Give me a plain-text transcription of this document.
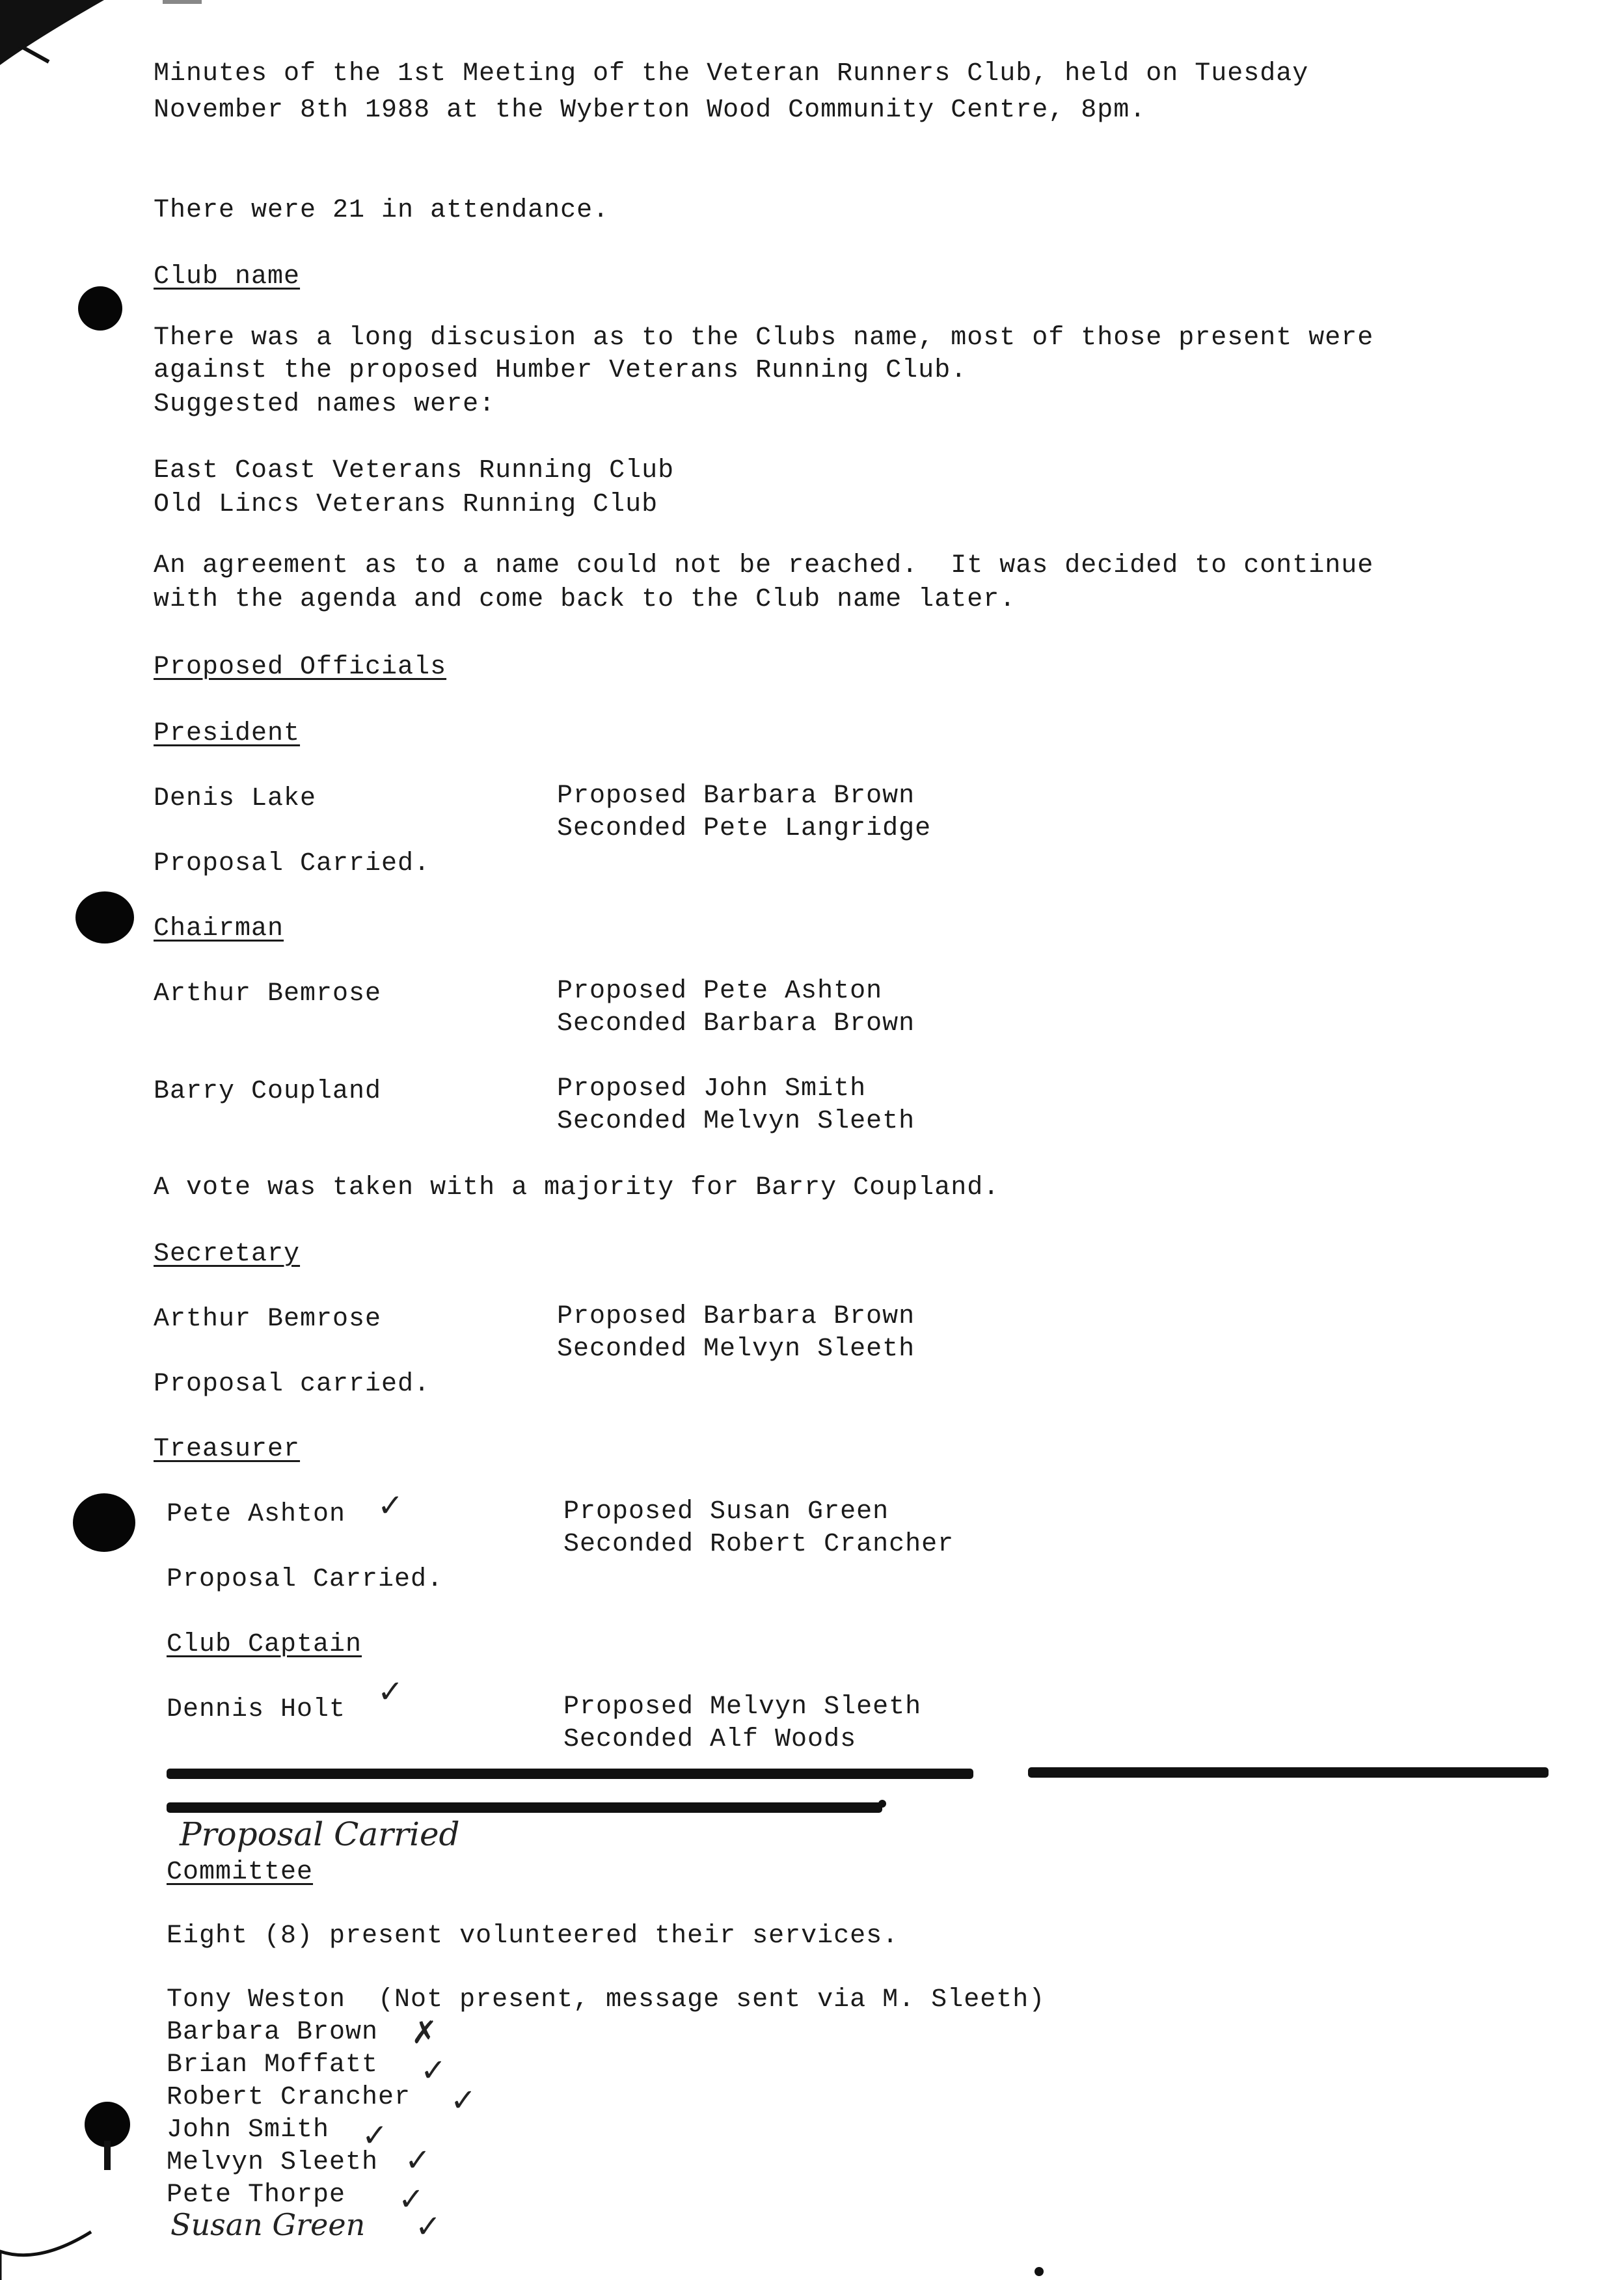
Minutes of the 1st Meeting of the Veteran Runners Club, held on Tuesday
November 8th 1988 at the Wyberton Wood Community Centre, 8pm.
There were 21 in attendance.
Club name
There was a long discusion as to the Clubs name, most of those present were
against the proposed Humber Veterans Running Club.
Suggested names were:
East Coast Veterans Running Club
Old Lincs Veterans Running Club
An agreement as to a name could not be reached.  It was decided to continue
with the agenda and come back to the Club name later.
Proposed Officials
President
Denis Lake	Proposed Barbara Brown
Seconded Pete Langridge
Proposal Carried.
Chairman
Arthur Bemrose	Proposed Pete Ashton
Seconded Barbara Brown
Barry Coupland	Proposed John Smith
Seconded Melvyn Sleeth
A vote was taken with a majority for Barry Coupland.
Secretary
Arthur Bemrose	Proposed Barbara Brown
Seconded Melvyn Sleeth
Proposal carried.
Treasurer
Pete Ashton ✓	Proposed Susan Green
Seconded Robert Crancher
Proposal Carried.
Club Captain
Dennis Holt ✓	Proposed Melvyn Sleeth
Seconded Alf Woods
Proposal Carried
Committee
Eight (8) present volunteered their services.
Tony Weston  (Not present, message sent via M. Sleeth)
Barbara Brown ✗
Brian Moffatt ✓
Robert Crancher ✓
John Smith ✓
Melvyn Sleeth ✓
Pete Thorpe ✓
Susan Green ✓
